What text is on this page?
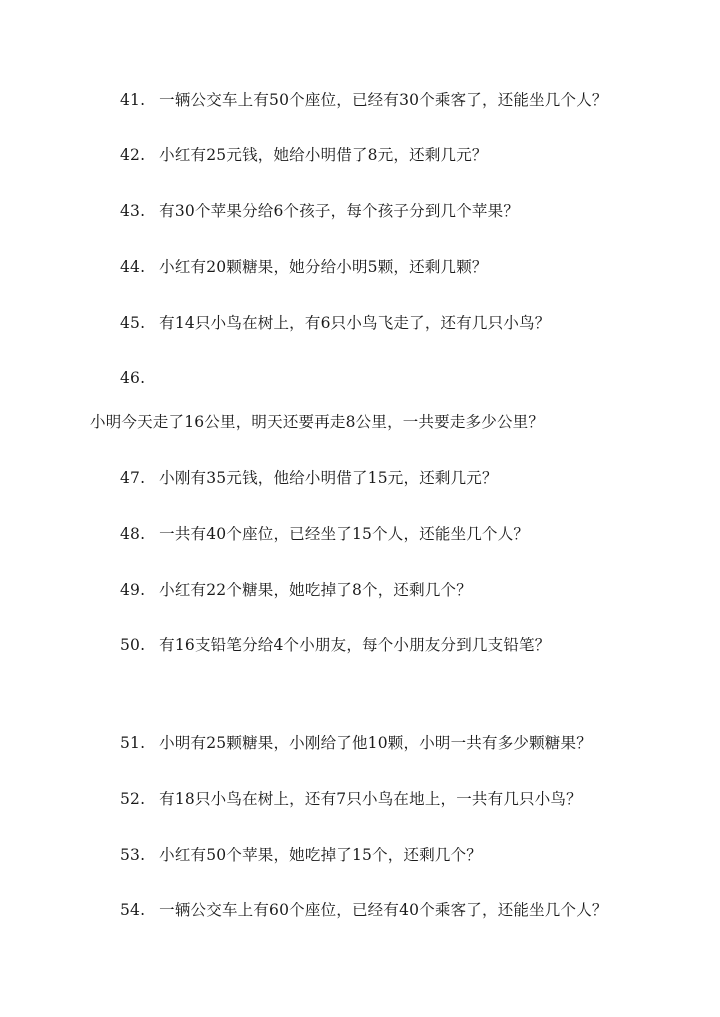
41. 一辆公交车上有50个座位，已经有30个乘客了，还能坐几个人？
42. 小红有25元钱，她给小明借了8元，还剩几元？
43. 有30个苹果分给6个孩子，每个孩子分到几个苹果？
44. 小红有20颗糖果，她分给小明5颗，还剩几颗？
45. 有14只小鸟在树上，有6只小鸟飞走了，还有几只小鸟？
46.
小明今天走了16公里，明天还要再走8公里，一共要走多少公里？
47. 小刚有35元钱，他给小明借了15元，还剩几元？
48. 一共有40个座位，已经坐了15个人，还能坐几个人？
49. 小红有22个糖果，她吃掉了8个，还剩几个？
50. 有16支铅笔分给4个小朋友，每个小朋友分到几支铅笔？
51. 小明有25颗糖果，小刚给了他10颗，小明一共有多少颗糖果？
52. 有18只小鸟在树上，还有7只小鸟在地上，一共有几只小鸟？
53. 小红有50个苹果，她吃掉了15个，还剩几个？
54. 一辆公交车上有60个座位，已经有40个乘客了，还能坐几个人？
